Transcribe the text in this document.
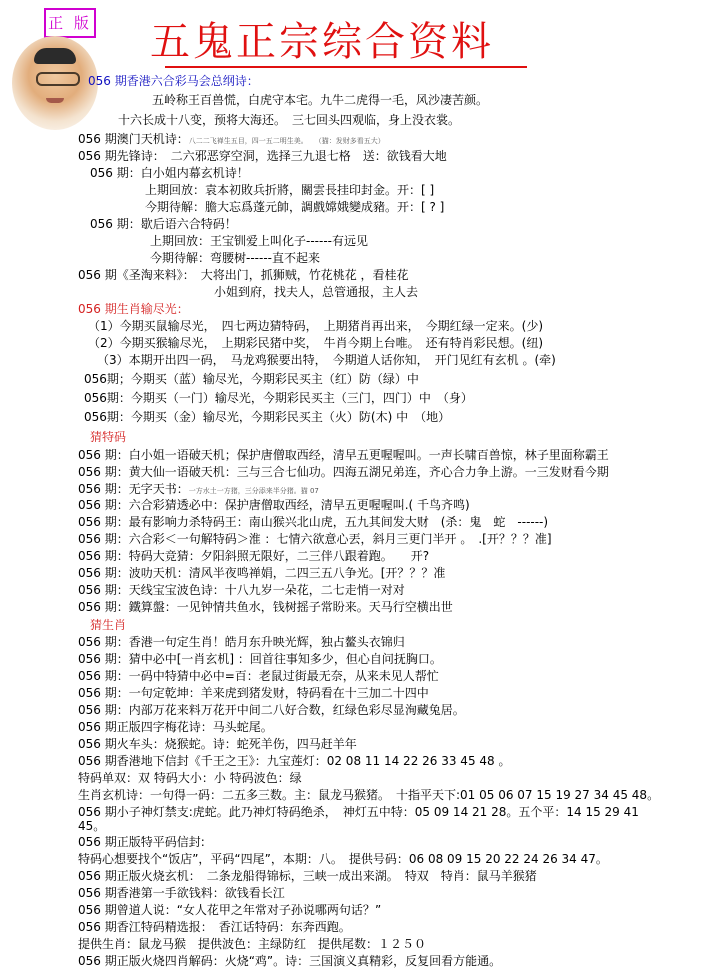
正 版 五鬼正宗综合资料
056 期香港六合彩马会总纲诗：
五岭称王百兽慌，白虎守本宅。九牛二虎得一毛，风沙凄苦颜。
十六长成十八变，预将大海还。　三七回头四观临，身上没衣裳。
056 期澳门天机诗：八二二飞禅生五目，四一五二明生美。　　（猫：发财多看五大）
056 期先锋诗：　二六邪恶穿空洞，选择三九退七格　送：欲钱看大地
056 期：白小姐内幕玄机诗！
上期回放：袁本初敗兵折將，關雲長挂印封金。开：[ ]
今期待解：膽大忘爲蓬元帥，調戲嫦娥變成豬。开：[ ? ]
056 期：歇后语六合特码！
上期回放：王宝钏爱上叫化子------有远见
今期待解：弯腰树------直不起来
056 期《圣淘来料》：　大将出门，抓狮贼，竹花桃花 ，看桂花
小姐到府，找夫人，总管通报，主人去
056 期生肖输尽光：
（1）今期买鼠输尽光，　四七两边猜特码，　上期猪肖再出来，　今期红绿一定来。(少)
（2）今期买猴输尽光，　上期彩民猪中奖，　牛肖今期上台唯。　还有特肖彩民想。(纽)
（3）本期开出四一码，　马龙鸡猴要出特，　今期道人话你知，　开门见红有玄机 。(牵)
056期；今期买（蓝）输尽光，今期彩民买主（红）防（绿）中
056期：今期买（一门）输尽光，今期彩民买主（三门，四门）中　（身）
056期：今期买（金）输尽光，今期彩民买主（火）防(木) 中　（地）
猜特码
056 期：白小姐一语破天机；保护唐僧取西经，清早五更喔喔叫。一声长啸百兽惊，林子里面称霸王
056 期：黄大仙一语破天机：三与三合七仙功。四海五湖兄弟连，齐心合力争上游。一三发财看今期
056 期：无字天书：一方水土一方猪，三分添来半分猪。猫 07
056 期：六合彩猜透必中：保护唐僧取西经，清早五更喔喔叫.( 千鸟齐鸣)
056 期：最有影响力杀特码王：南山猴兴北山虎，五九其间发大财　(杀：鬼　蛇　------)
056 期：六合彩＜一句解特码＞淮 ：七情六欲意心丟，斜月三更门半开 。　.[开？？？准]
056 期：特码大竞猜：夕阳斜照无限好，二三伴八跟着跑。　　开?
056 期：波叻天机：清风半夜鸣禅娟，二四三五八争光。[开？？？准
056 期：天线宝宝波色诗：十八九岁一朵花，二七走悄一对对
056 期：鐵算盤：一见钟情共鱼水，钱树摇子常盼来。天马行空横出世
猜生肖
056 期：香港一句定生肖！皓月东升映光辉，独占鳌头衣锦归
056 期：猜中必中[一肖玄机] ：回首往事知多少，但心自问抚胸口。
056 期：一码中特猜中必中=百：老鼠过街最无奈，从来未见人帮忙
056 期：一句定乾坤：羊来虎到猪发财，特码看在十三加二十四中
056 期：内部万花来料万花开中间二八好合数，红绿色彩尽显洵藏兔居。
056 期正版四字梅花诗：马头蛇尾。
056 期火车头：烧猴蛇。诗：蛇死羊伤，四马赶羊年
056 期香港地下信封《千王之王》：九宝莲灯：02 08 11 14 22 26 33 45 48 。
特码单双：双 特码大小：小 特码波色：绿
生肖玄机诗：一句得一码：二五多三数。主：鼠龙马猴猪。　十指平天下:01 05 06 07 15 19 27 34 45 48。
056 期小子神灯禁支:虎蛇。此乃神灯特码绝杀，　神灯五中特：05 09 14 21 28。五个平：14 15 29 41
45。
056 期正版特平码信封:
特码心想要找个“饭店”，平码“四尾”，本期：八。　提供号码：06 08 09 15 20 22 24 26 34 47。
056 期正版火烧玄机：　二条龙船得锦标，三峡一成出来湖。　特双　特肖：鼠马羊猴猪
056 期香港第一手欲钱料：欲钱看长江
056 期曾道人说：“女人花甲之年常对子孙说哪两句话？”
056 期香江特码精选报：　香江话特码：东奔西跑。
提供生肖：鼠龙马猴　提供波色：主绿防红　提供尾数：１２５０
056 期正版火烧四肖解码：火烧“鸡”。诗：三国演义真精彩，反复回看方能通。
